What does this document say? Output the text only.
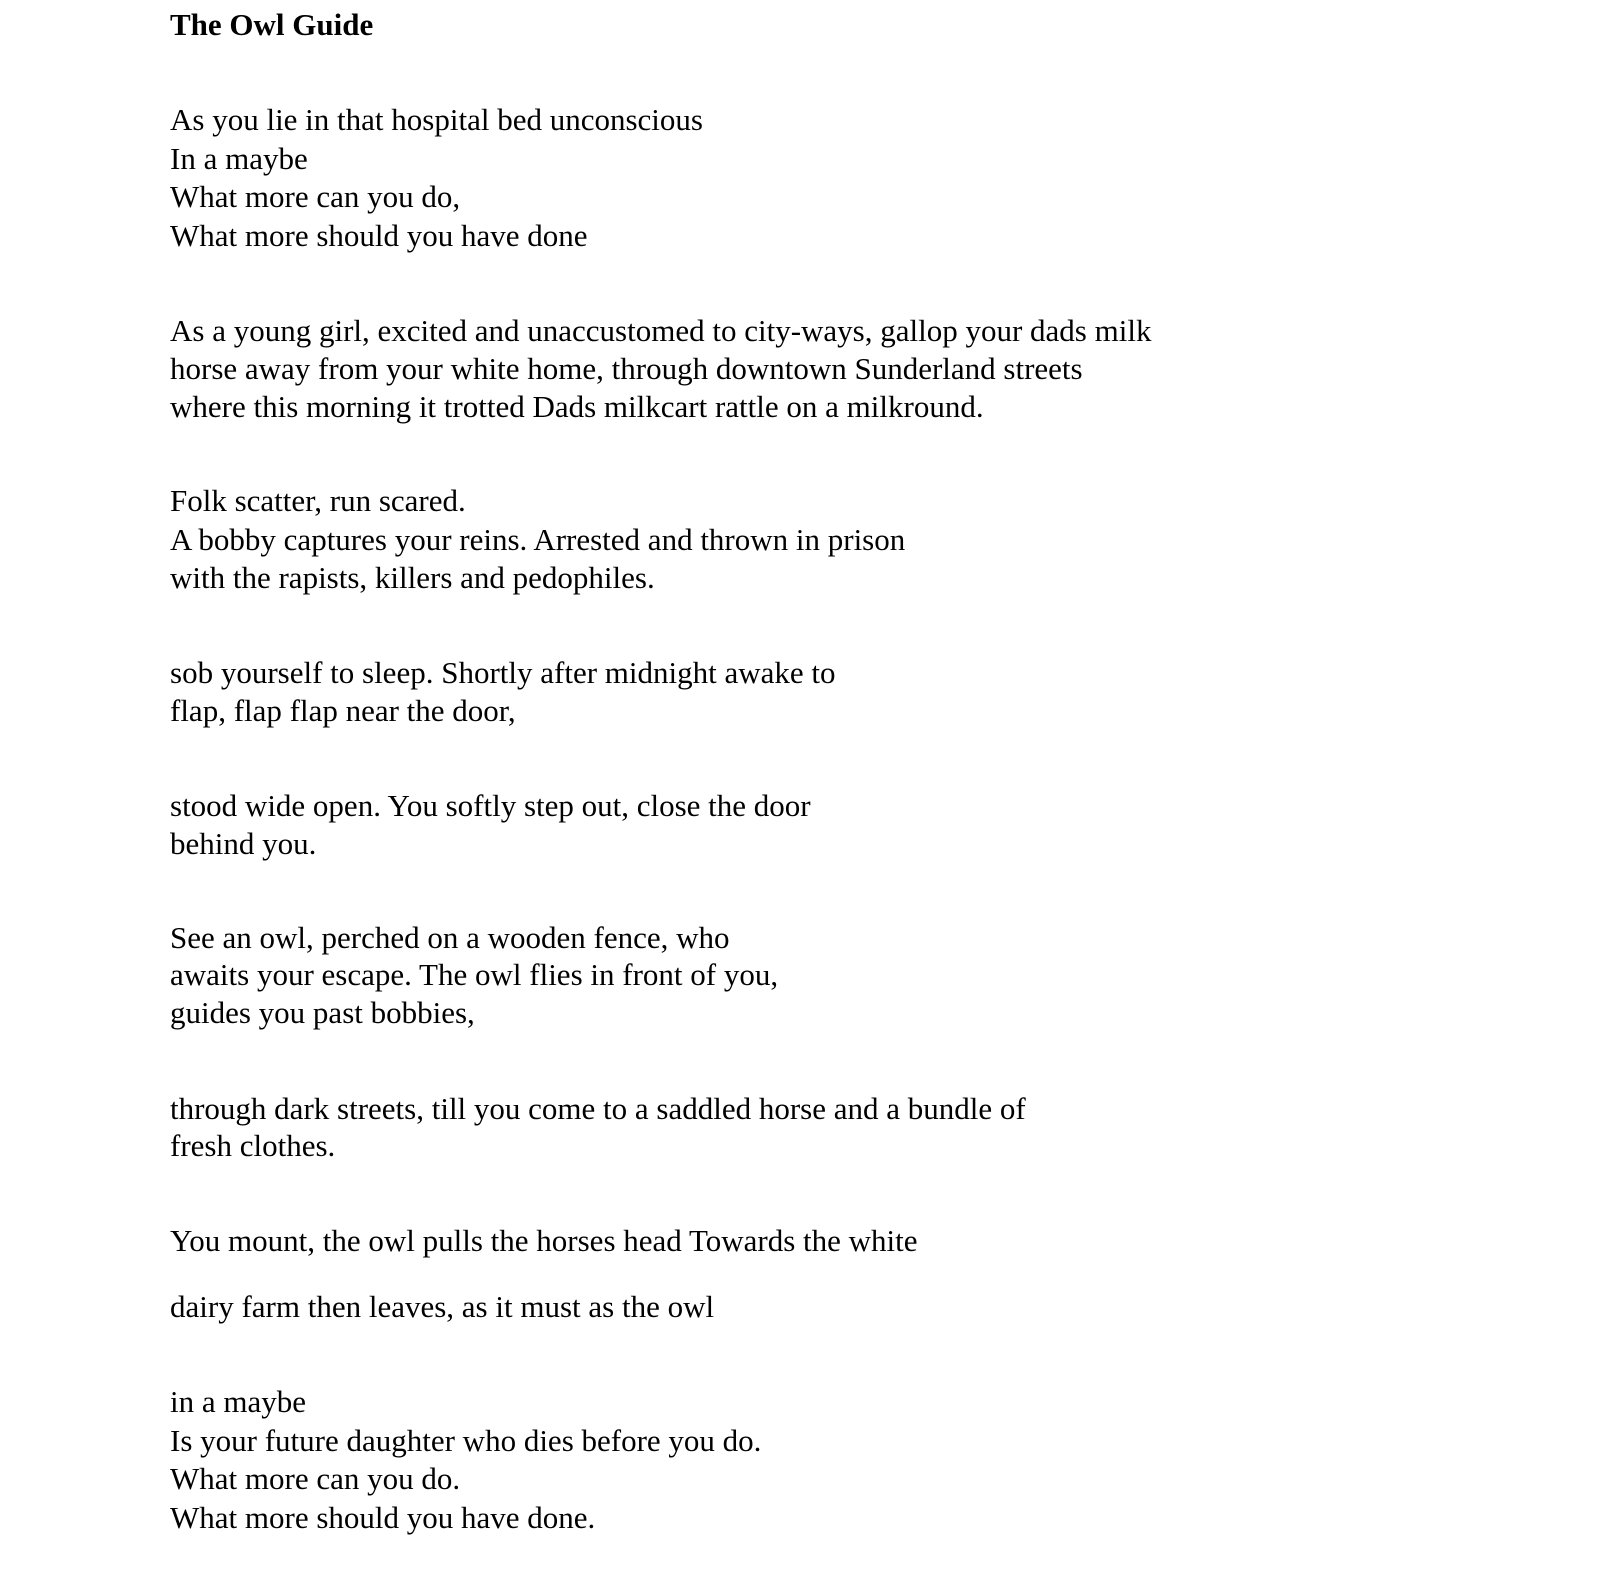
The Owl Guide
As you lie in that hospital bed unconscious
In a maybe
What more can you do,
What more should you have done
As a young girl, excited and unaccustomed to city-ways, gallop your dads milk
horse away from your white home, through downtown Sunderland streets
where this morning it trotted Dads milkcart rattle on a milkround.
Folk scatter, run scared.
A bobby captures your reins. Arrested and thrown in prison
with the rapists, killers and pedophiles.
sob yourself to sleep. Shortly after midnight awake to
flap, flap flap near the door,
stood wide open. You softly step out, close the door
behind you.
See an owl, perched on a wooden fence, who
awaits your escape. The owl flies in front of you,
guides you past bobbies,
through dark streets, till you come to a saddled horse and a bundle of
fresh clothes.
You mount, the owl pulls the horses head Towards the white
dairy farm then leaves, as it must as the owl
in a maybe
Is your future daughter who dies before you do.
What more can you do.
What more should you have done.
